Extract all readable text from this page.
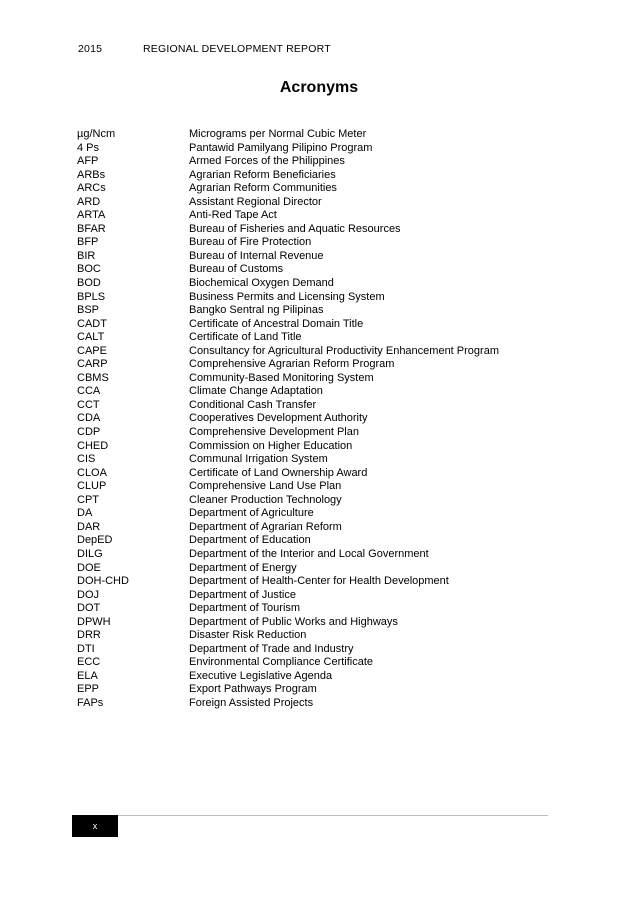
2015	REGIONAL DEVELOPMENT REPORT
Acronyms
µg/Ncm	Micrograms per Normal Cubic Meter
4 Ps	Pantawid Pamilyang Pilipino Program
AFP	Armed Forces of the Philippines
ARBs	Agrarian Reform Beneficiaries
ARCs	Agrarian Reform Communities
ARD	Assistant Regional Director
ARTA	Anti-Red Tape Act
BFAR	Bureau of Fisheries and Aquatic Resources
BFP	Bureau of Fire Protection
BIR	Bureau of Internal Revenue
BOC	Bureau of Customs
BOD	Biochemical Oxygen Demand
BPLS	Business Permits and Licensing System
BSP	Bangko Sentral ng Pilipinas
CADT	Certificate of Ancestral Domain Title
CALT	Certificate of Land Title
CAPE	Consultancy for Agricultural Productivity Enhancement Program
CARP	Comprehensive Agrarian Reform Program
CBMS	Community-Based Monitoring System
CCA	Climate Change Adaptation
CCT	Conditional Cash Transfer
CDA	Cooperatives Development Authority
CDP	Comprehensive Development Plan
CHED	Commission on Higher Education
CIS	Communal Irrigation System
CLOA	Certificate of Land Ownership Award
CLUP	Comprehensive Land Use Plan
CPT	Cleaner Production Technology
DA	Department of Agriculture
DAR	Department of Agrarian Reform
DepED	Department of Education
DILG	Department of the Interior and Local Government
DOE	Department of Energy
DOH-CHD	Department of Health-Center for Health Development
DOJ	Department of Justice
DOT	Department of Tourism
DPWH	Department of Public Works and Highways
DRR	Disaster Risk Reduction
DTI	Department of Trade and Industry
ECC	Environmental Compliance Certificate
ELA	Executive Legislative Agenda
EPP	Export Pathways Program
FAPs	Foreign Assisted Projects
x
